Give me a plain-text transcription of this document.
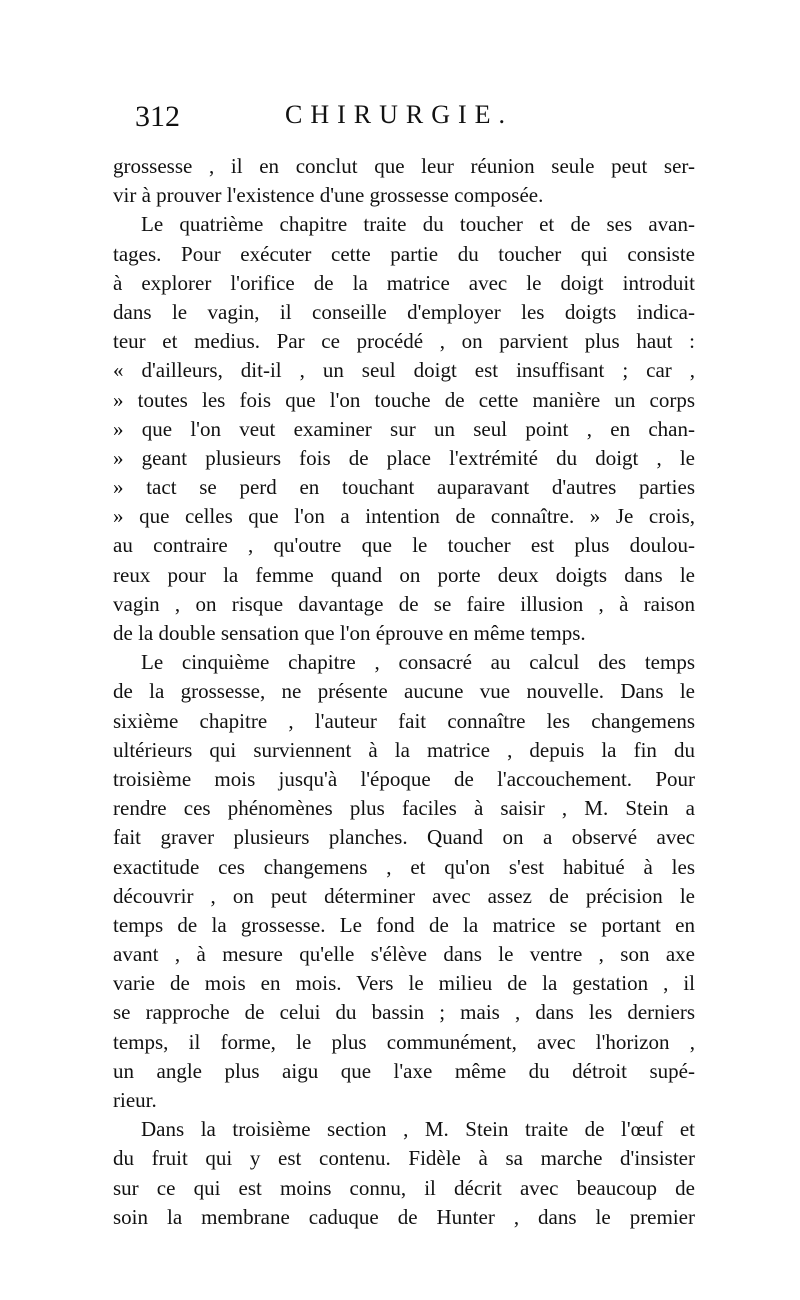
312	CHIRURGIE.
grossesse , il en conclut que leur réunion seule peut ser-
vir à prouver l'existence d'une grossesse composée.
Le quatrième chapitre traite du toucher et de ses avan-
tages. Pour exécuter cette partie du toucher qui consiste
à explorer l'orifice de la matrice avec le doigt introduit
dans le vagin, il conseille d'employer les doigts indica-
teur et medius. Par ce procédé , on parvient plus haut :
« d'ailleurs, dit-il , un seul doigt est insuffisant ; car ,
» toutes les fois que l'on touche de cette manière un corps
» que l'on veut examiner sur un seul point , en chan-
» geant plusieurs fois de place l'extrémité du doigt , le
» tact se perd en touchant auparavant d'autres parties
» que celles que l'on a intention de connaître. » Je crois,
au contraire , qu'outre que le toucher est plus doulou-
reux pour la femme quand on porte deux doigts dans le
vagin , on risque davantage de se faire illusion , à raison
de la double sensation que l'on éprouve en même temps.
Le cinquième chapitre , consacré au calcul des temps
de la grossesse, ne présente aucune vue nouvelle. Dans le
sixième chapitre , l'auteur fait connaître les changemens
ultérieurs qui surviennent à la matrice , depuis la fin du
troisième mois jusqu'à l'époque de l'accouchement. Pour
rendre ces phénomènes plus faciles à saisir , M. Stein a
fait graver plusieurs planches. Quand on a observé avec
exactitude ces changemens , et qu'on s'est habitué à les
découvrir , on peut déterminer avec assez de précision le
temps de la grossesse. Le fond de la matrice se portant en
avant , à mesure qu'elle s'élève dans le ventre , son axe
varie de mois en mois. Vers le milieu de la gestation , il
se rapproche de celui du bassin ; mais , dans les derniers
temps, il forme, le plus communément, avec l'horizon ,
un angle plus aigu que l'axe même du détroit supé-
rieur.
Dans la troisième section , M. Stein traite de l'œuf et
du fruit qui y est contenu. Fidèle à sa marche d'insister
sur ce qui est moins connu, il décrit avec beaucoup de
soin la membrane caduque de Hunter , dans le premier
